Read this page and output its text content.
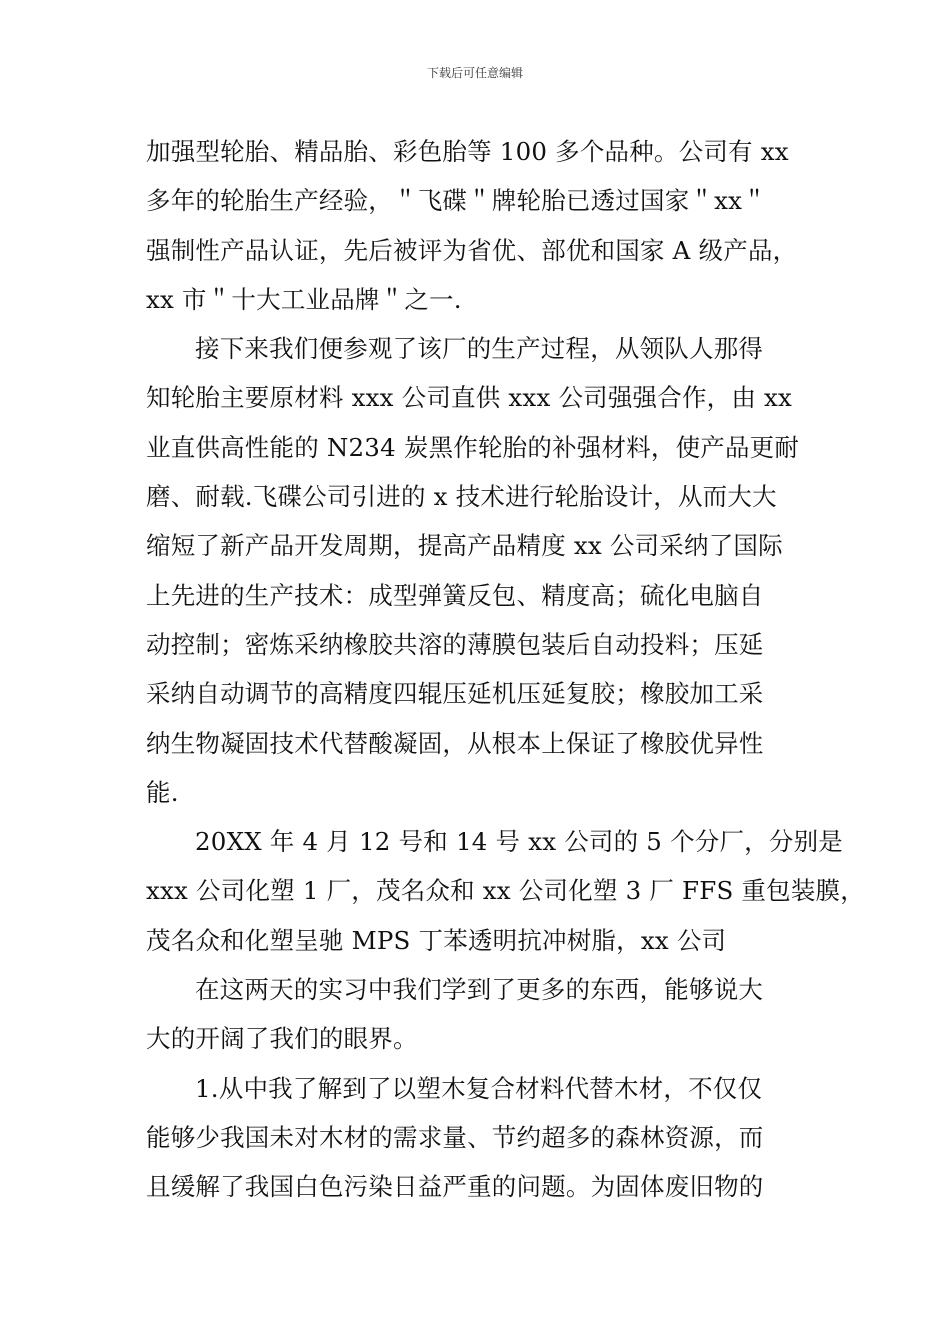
下载后可任意编辑
加强型轮胎、精品胎、彩色胎等 100 多个品种。公司有 xx
多年的轮胎生产经验，＂飞碟＂牌轮胎已透过国家＂xx＂
强制性产品认证，先后被评为省优、部优和国家 A 级产品，
xx 市＂十大工业品牌＂之一.
接下来我们便参观了该厂的生产过程，从领队人那得
知轮胎主要原材料 xxx 公司直供 xxx 公司强强合作，由 xx
业直供高性能的 N234 炭黑作轮胎的补强材料，使产品更耐
磨、耐载.飞碟公司引进的 x 技术进行轮胎设计，从而大大
缩短了新产品开发周期，提高产品精度 xx 公司采纳了国际
上先进的生产技术：成型弹簧反包、精度高；硫化电脑自
动控制；密炼采纳橡胶共溶的薄膜包装后自动投料；压延
采纳自动调节的高精度四辊压延机压延复胶；橡胶加工采
纳生物凝固技术代替酸凝固，从根本上保证了橡胶优异性
能.
20XX 年 4 月 12 号和 14 号 xx 公司的 5 个分厂，分别是
xxx 公司化塑 1 厂，茂名众和 xx 公司化塑 3 厂 FFS 重包装膜，
茂名众和化塑呈驰 MPS 丁苯透明抗冲树脂，xx 公司
在这两天的实习中我们学到了更多的东西，能够说大
大的开阔了我们的眼界。
1.从中我了解到了以塑木复合材料代替木材，不仅仅
能够少我国未对木材的需求量、节约超多的森林资源，而
且缓解了我国白色污染日益严重的问题。为固体废旧物的
